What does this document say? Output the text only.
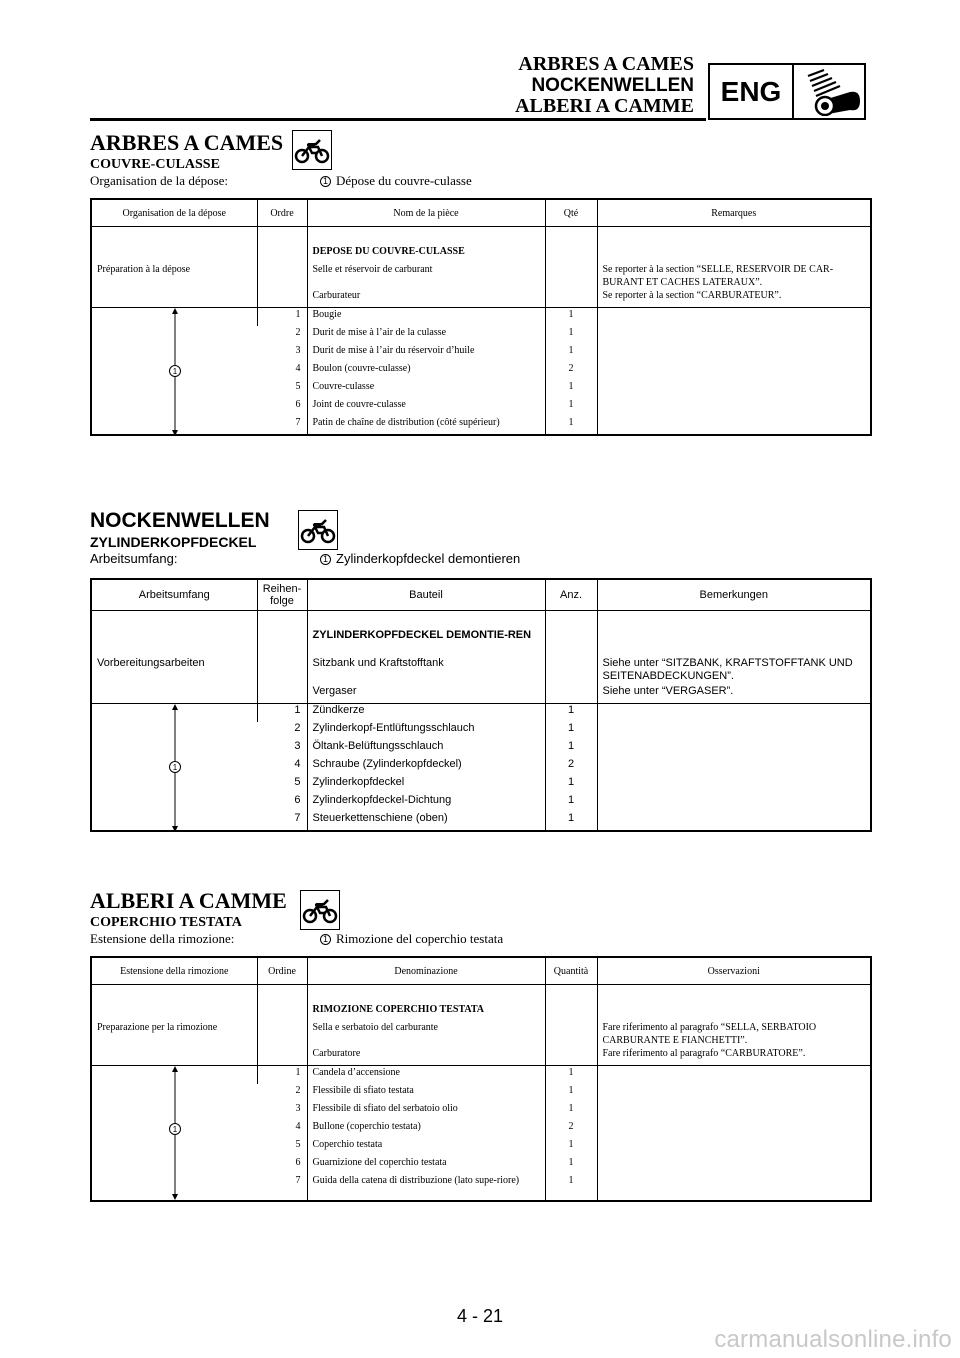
ARBRES A CAMES
NOCKENWELLEN
ALBERI A CAMME ENG
ARBRES A CAMES
COUVRE-CULASSE
Organisation de la dépose:	1 Dépose du couvre-culasse
Organisation de la dépose	Ordre	Nom de la pièce	Qté	Remarques

		DEPOSE DU COUVRE-CULASSE		
Préparation à la dépose		Selle et réservoir de carburant		Se reporter à la section “SELLE, RESERVOIR DE CAR-BURANT ET CACHES LATERAUX”.
		Carburateur		Se reporter à la section “CARBURATEUR”.

1	1	Bougie	1	
	2	Durit de mise à l’air de la culasse	1	
	3	Durit de mise à l’air du réservoir d’huile	1	
	4	Boulon (couvre-culasse)	2	
	5	Couvre-culasse	1	
	6	Joint de couvre-culasse	1	
	7	Patin de chaîne de distribution (côté supérieur)	1	
NOCKENWELLEN
ZYLINDERKOPFDECKEL
Arbeitsumfang:	1 Zylinderkopfdeckel demontieren
Arbeitsumfang	Reihen-folge	Bauteil	Anz.	Bemerkungen

		ZYLINDERKOPFDECKEL DEMONTIE-REN		
Vorbereitungsarbeiten		Sitzbank und Kraftstofftank		Siehe unter “SITZBANK, KRAFTSTOFFTANK UND SEITENABDECKUNGEN”.
		Vergaser		Siehe unter “VERGASER”.

1	1	Zündkerze	1	
	2	Zylinderkopf-Entlüftungsschlauch	1	
	3	Öltank-Belüftungsschlauch	1	
	4	Schraube (Zylinderkopfdeckel)	2	
	5	Zylinderkopfdeckel	1	
	6	Zylinderkopfdeckel-Dichtung	1	
	7	Steuerkettenschiene (oben)	1	
ALBERI A CAMME
COPERCHIO TESTATA
Estensione della rimozione:	1 Rimozione del coperchio testata
Estensione della rimozione	Ordine	Denominazione	Quantità	Osservazioni

		RIMOZIONE COPERCHIO TESTATA		
Preparazione per la rimozione		Sella e serbatoio del carburante		Fare riferimento al paragrafo “SELLA, SERBATOIO CARBURANTE E FIANCHETTI”.
		Carburatore		Fare riferimento al paragrafo “CARBURATORE”.

1	1	Candela d’accensione	1	
	2	Flessibile di sfiato testata	1	
	3	Flessibile di sfiato del serbatoio olio	1	
	4	Bullone (coperchio testata)	2	
	5	Coperchio testata	1	
	6	Guarnizione del coperchio testata	1	
	7	Guida della catena di distribuzione (lato supe-riore)	1	
4 - 21
carmanualsonline.info
